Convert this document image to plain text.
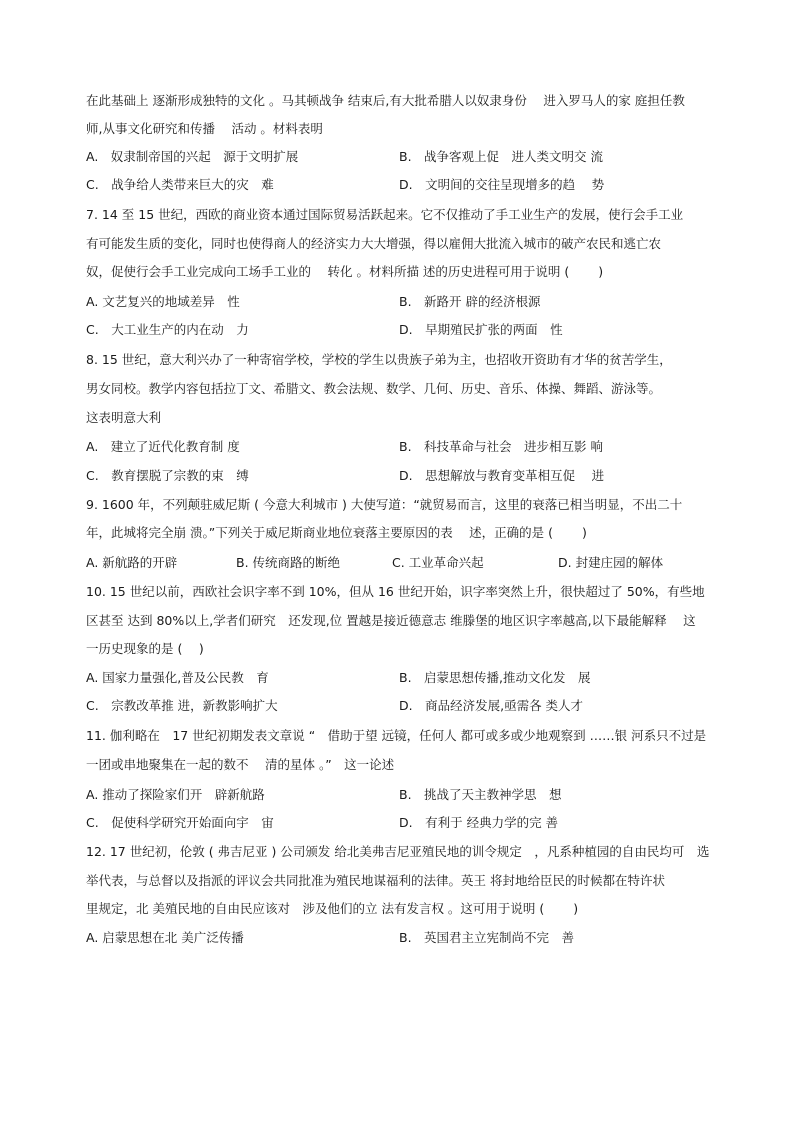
在此基础上 逐渐形成独特的文化 。马其顿战争 结束后,有大批希腊人以奴隶身份 　进入罗马人的家 庭担任教
师,从事文化研究和传播　 活动 。材料表明
A.　奴隶制帝国的兴起　源于文明扩展	B.　战争客观上促　进人类文明交 流
C.　战争给人类带来巨大的灾　难	D.　文明间的交往呈现增多的趋　 势
7. 14 至 15 世纪，西欧的商业资本通过国际贸易活跃起来。它不仅推动了手工业生产的发展，使行会手工业
有可能发生质的变化，同时也使得商人的经济实力大大增强，得以雇佣大批流入城市的破产农民和逃亡农
奴，促使行会手工业完成向工场手工业的　 转化 。材料所描 述的历史进程可用于说明 (　　 )
A. 文艺复兴的地域差异　性	B.　新路开 辟的经济根源
C.　大工业生产的内在动　力	D.　早期殖民扩张的两面　性
8. 15 世纪，意大利兴办了一种寄宿学校，学校的学生以贵族子弟为主，也招收开资助有才华的贫苦学生，
男女同校。教学内容包括拉丁文、希腊文、教会法规、数学、几何、历史、音乐、体操、舞蹈、游泳等。
这表明意大利
A.　建立了近代化教育制 度	B.　科技革命与社会　进步相互影 响
C.　教育摆脱了宗教的束　缚	D.　思想解放与教育变革相互促　 进
9. 1600 年，不列颠驻威尼斯 ( 今意大利城市 ) 大使写道：“就贸易而言，这里的衰落已相当明显，不出二十
年，此城将完全崩 溃。”下列关于威尼斯商业地位衰落主要原因的表　 述，正确的是 (　　 )
A. 新航路的开辟	B. 传统商路的断绝	C. 工业革命兴起	D. 封建庄园的解体
10. 15 世纪以前，西欧社会识字率不到 10%，但从 16 世纪开始，识字率突然上升，很快超过了 50%，有些地
区甚至 达到 80%以上,学者们研究　还发现,位 置越是接近德意志 维滕堡的地区识字率越高,以下最能解释　 这
一历史现象的是 (　 )
A. 国家力量强化,普及公民教　育	B.　启蒙思想传播,推动文化发　展
C.　宗教改革推 进，新教影响扩大	D.　商品经济发展,亟需各 类人才
11. 伽利略在　17 世纪初期发表文章说 “　借助于望 远镜，任何人 都可或多或少地观察到 ……银 河系只不过是
一团或串地聚集在一起的数不　 清的星体 。”　这一论述
A. 推动了探险家们开　辟新航路	B.　挑战了天主教神学思　想
C.　促使科学研究开始面向宇　宙	D.　有利于 经典力学的完 善
12. 17 世纪初，伦敦 ( 弗吉尼亚 ) 公司颁发 给北美弗吉尼亚殖民地的训令规定　，凡系种植园的自由民均可　选
举代表，与总督以及指派的评议会共同批准为殖民地谋福利的法律。英王 将封地给臣民的时候都在特许状
里规定，北 美殖民地的自由民应该对　涉及他们的立 法有发言权 。这可用于说明 (　　 )
A. 启蒙思想在北 美广泛传播	B.　英国君主立宪制尚不完　善
